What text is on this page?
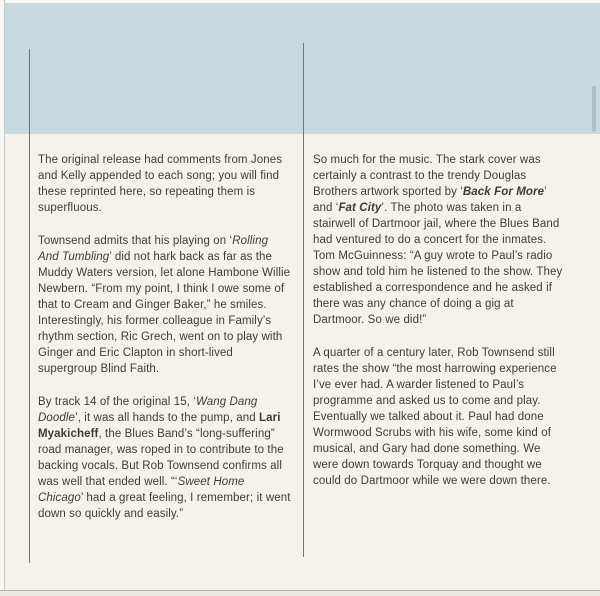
The original release had comments from Jones and Kelly appended to each song; you will find these reprinted here, so repeating them is superfluous.

Townsend admits that his playing on ‘Rolling And Tumbling’ did not hark back as far as the Muddy Waters version, let alone Hambone Willie Newbern. “From my point, I think I owe some of that to Cream and Ginger Baker,” he smiles. Interestingly, his former colleague in Family’s rhythm section, Ric Grech, went on to play with Ginger and Eric Clapton in short-lived supergroup Blind Faith.

By track 14 of the original 15, ‘Wang Dang Doodle’, it was all hands to the pump, and Lari Myakicheff, the Blues Band’s “long-suffering” road manager, was roped in to contribute to the backing vocals. But Rob Townsend confirms all was well that ended well. “‘Sweet Home Chicago’ had a great feeling, I remember; it went down so quickly and easily.”

So much for the music. The stark cover was certainly a contrast to the trendy Douglas Brothers artwork sported by ‘Back For More’ and ‘Fat City’. The photo was taken in a stairwell of Dartmoor jail, where the Blues Band had ventured to do a concert for the inmates. Tom McGuinness: “A guy wrote to Paul’s radio show and told him he listened to the show. They established a correspondence and he asked if there was any chance of doing a gig at Dartmoor. So we did!”

A quarter of a century later, Rob Townsend still rates the show “the most harrowing experience I’ve ever had. A warder listened to Paul’s programme and asked us to come and play. Eventually we talked about it. Paul had done Wormwood Scrubs with his wife, some kind of musical, and Gary had done something. We were down towards Torquay and thought we could do Dartmoor while we were down there.
